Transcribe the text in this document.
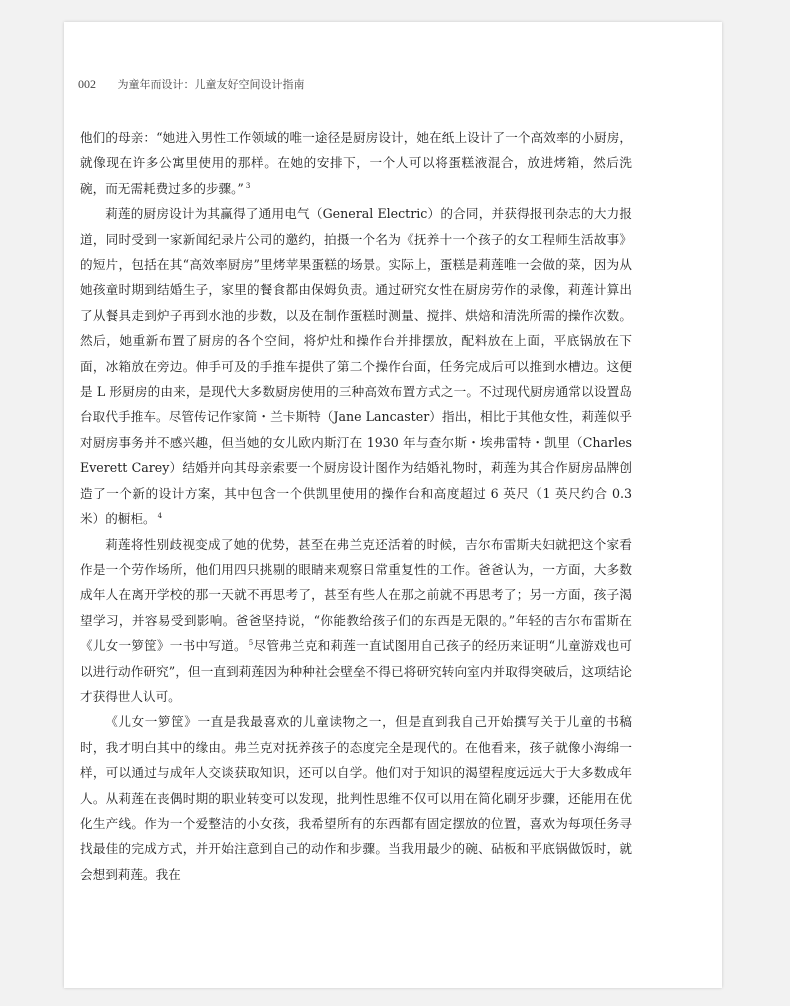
002 为童年而设计：儿童友好空间设计指南

他们的母亲：“她进入男性工作领域的唯一途径是厨房设计，她在纸上设计了一个高效率的小厨房，就像现在许多公寓里使用的那样。在她的安排下，一个人可以将蛋糕液混合，放进烤箱，然后洗碗，而无需耗费过多的步骤。” $^3$

莉莲的厨房设计为其赢得了通用电气（General Electric）的合同，并获得报刊杂志的大力报道，同时受到一家新闻纪录片公司的邀约，拍摄一个名为《抚养十一个孩子的女工程师生活故事》的短片，包括在其“高效率厨房”里烤苹果蛋糕的场景。实际上，蛋糕是莉莲唯一会做的菜，因为从她孩童时期到结婚生子，家里的餐食都由保姆负责。通过研究女性在厨房劳作的录像，莉莲计算出了从餐具走到炉子再到水池的步数，以及在制作蛋糕时测量、搅拌、烘焙和清洗所需的操作次数。然后，她重新布置了厨房的各个空间，将炉灶和操作台并排摆放，配料放在上面，平底锅放在下面，冰箱放在旁边。伸手可及的手推车提供了第二个操作台面，任务完成后可以推到水槽边。这便是 L 形厨房的由来，是现代大多数厨房使用的三种高效布置方式之一。不过现代厨房通常以设置岛台取代手推车。尽管传记作家简・兰卡斯特（Jane Lancaster）指出，相比于其他女性，莉莲似乎对厨房事务并不感兴趣，但当她的女儿欧内斯汀在 1930 年与查尔斯・埃弗雷特・凯里（Charles Everett Carey）结婚并向其母亲索要一个厨房设计图作为结婚礼物时，莉莲为其合作厨房品牌创造了一个新的设计方案，其中包含一个供凯里使用的操作台和高度超过 6 英尺（1 英尺约合 0.3 米）的橱柜。 $^4$

莉莲将性别歧视变成了她的优势，甚至在弗兰克还活着的时候，吉尔布雷斯夫妇就把这个家看作是一个劳作场所，他们用四只挑剔的眼睛来观察日常重复性的工作。爸爸认为，一方面，大多数成年人在离开学校的那一天就不再思考了，甚至有些人在那之前就不再思考了；另一方面，孩子渴望学习，并容易受到影响。爸爸坚持说，“你能教给孩子们的东西是无限的。”年轻的吉尔布雷斯在《儿女一箩筐》一书中写道。 $^5$尽管弗兰克和莉莲一直试图用自己孩子的经历来证明“儿童游戏也可以进行动作研究”，但一直到莉莲因为种种社会壁垒不得已将研究转向室内并取得突破后，这项结论才获得世人认可。

《儿女一箩筐》一直是我最喜欢的儿童读物之一，但是直到我自己开始撰写关于儿童的书稿时，我才明白其中的缘由。弗兰克对抚养孩子的态度完全是现代的。在他看来，孩子就像小海绵一样，可以通过与成年人交谈获取知识，还可以自学。他们对于知识的渴望程度远远大于大多数成年人。从莉莲在丧偶时期的职业转变可以发现，批判性思维不仅可以用在简化刷牙步骤，还能用在优化生产线。作为一个爱整洁的小女孩，我希望所有的东西都有固定摆放的位置，喜欢为每项任务寻找最佳的完成方式，并开始注意到自己的动作和步骤。当我用最少的碗、砧板和平底锅做饭时，就会想到莉莲。我在
